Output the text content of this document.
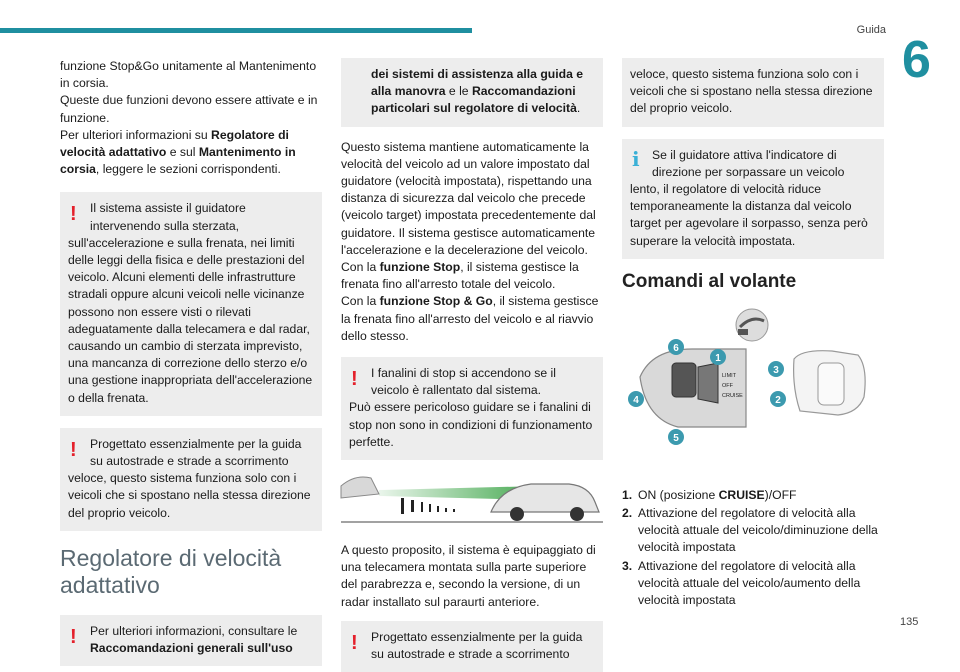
Guida
6
135

funzione Stop&Go unitamente al Mantenimento in corsia.

Queste due funzioni devono essere attivate e in funzione.

Per ulteriori informazioni su Regolatore di velocità adattativo e sul Mantenimento in corsia, leggere le sezioni corrispondenti.

!	Il sistema assiste il guidatore intervenendo sulla sterzata,

sull'accelerazione e sulla frenata, nei limiti delle leggi della fisica e delle prestazioni del veicolo. Alcuni elementi delle infrastrutture stradali oppure alcuni veicoli nelle vicinanze possono non essere visti o rilevati adeguatamente dalla telecamera e dal radar, causando un cambio di sterzata imprevisto, una mancanza di correzione dello sterzo e/o una gestione inappropriata dell'accelerazione o della frenata.

!	Progettato essenzialmente per la guida su autostrade e strade a scorrimento

veloce, questo sistema funziona solo con i veicoli che si spostano nella stessa direzione del proprio veicolo.

Regolatore di velocità adattativo
!	Per ulteriori informazioni, consultare le

Raccomandazioni generali sull'uso

dei sistemi di assistenza alla guida e alla manovra e le Raccomandazioni particolari sul regolatore di velocità.

Questo sistema mantiene automaticamente la velocità del veicolo ad un valore impostato dal guidatore (velocità impostata), rispettando una distanza di sicurezza dal veicolo che precede (veicolo target) impostata precedentemente dal guidatore. Il sistema gestisce automaticamente l'accelerazione e la decelerazione del veicolo.

Con la funzione Stop, il sistema gestisce la frenata fino all'arresto totale del veicolo.

Con la funzione Stop & Go, il sistema gestisce la frenata fino all'arresto del veicolo e al riavvio dello stesso.

!	I fanalini di stop si accendono se il veicolo è rallentato dal sistema.

Può essere pericoloso guidare se i fanalini di stop non sono in condizioni di funzionamento perfette.

A questo proposito, il sistema è equipaggiato di una telecamera montata sulla parte superiore del parabrezza e, secondo la versione, di un radar installato sul paraurti anteriore.

!	Progettato essenzialmente per la guida su autostrade e strade a scorrimento

veloce, questo sistema funziona solo con i veicoli che si spostano nella stessa direzione del proprio veicolo.

i	Se il guidatore attiva l'indicatore di direzione per sorpassare un veicolo

lento, il regolatore di velocità riduce temporaneamente la distanza dal veicolo target per agevolare il sorpasso, senza però superare la velocità impostata.

Comandi al volante
LIMIT
OFF
CRUISE
1
2
3
4
5
6
1. ON (posizione CRUISE)/OFF
2. Attivazione del regolatore di velocità alla velocità attuale del veicolo/diminuzione della velocità impostata
3. Attivazione del regolatore di velocità alla velocità attuale del veicolo/aumento della velocità impostata
